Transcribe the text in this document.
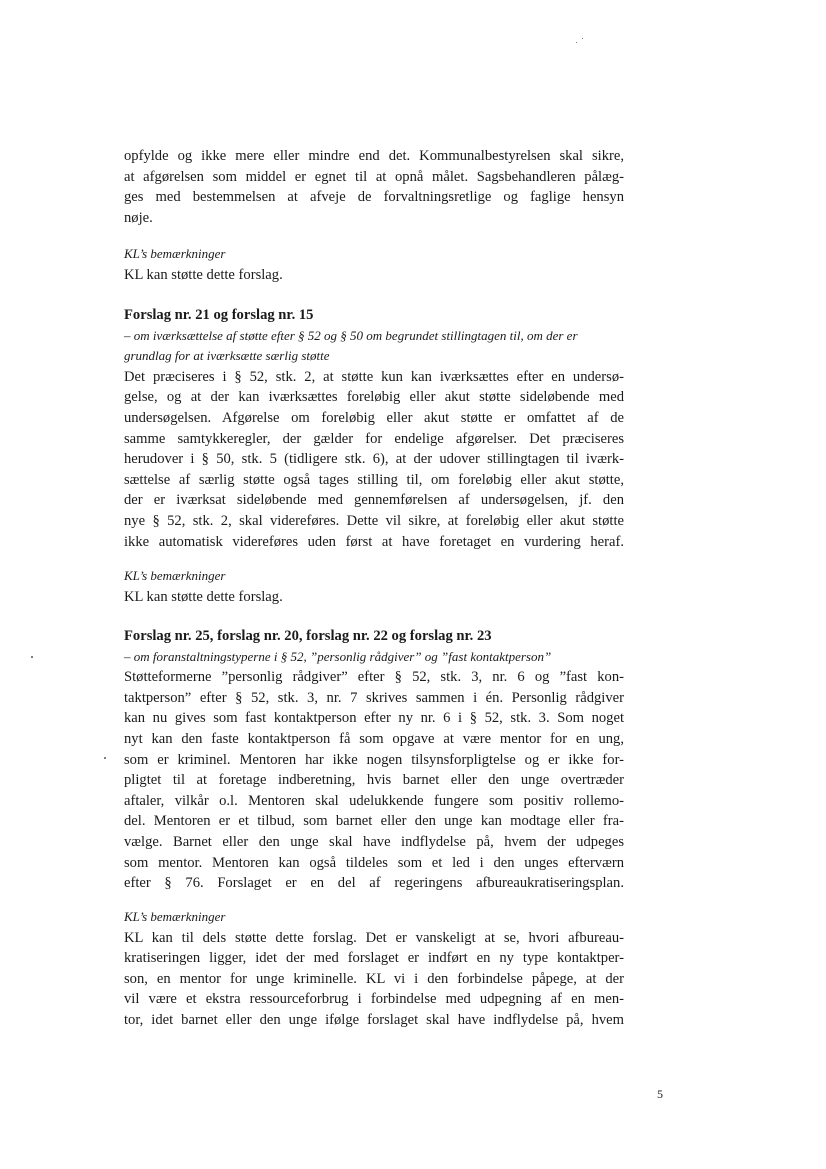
opfylde og ikke mere eller mindre end det. Kommunalbestyrelsen skal sikre,
at afgørelsen som middel er egnet til at opnå målet. Sagsbehandleren pålæg-
ges med bestemmelsen at afveje de forvaltningsretlige og faglige hensyn
nøje.
KL’s bemærkninger
KL kan støtte dette forslag.
Forslag nr. 21 og forslag nr. 15
– om iværksættelse af støtte efter § 52 og § 50 om begrundet stillingtagen til, om der er
grundlag for at iværksætte særlig støtte
Det præciseres i § 52, stk. 2, at støtte kun kan iværksættes efter en undersø-
gelse, og at der kan iværksættes foreløbig eller akut støtte sideløbende med
undersøgelsen. Afgørelse om foreløbig eller akut støtte er omfattet af de
samme samtykkeregler, der gælder for endelige afgørelser. Det præciseres
herudover i § 50, stk. 5 (tidligere stk. 6), at der udover stillingtagen til iværk-
sættelse af særlig støtte også tages stilling til, om foreløbig eller akut støtte,
der er iværksat sideløbende med gennemførelsen af undersøgelsen, jf. den
nye § 52, stk. 2, skal videreføres. Dette vil sikre, at foreløbig eller akut støtte
ikke automatisk videreføres uden først at have foretaget en vurdering heraf.
KL’s bemærkninger
KL kan støtte dette forslag.
Forslag nr. 25, forslag nr. 20, forslag nr. 22 og forslag nr. 23
– om foranstaltningstyperne i § 52, ”personlig rådgiver” og ”fast kontaktperson”
Støtteformerne ”personlig rådgiver” efter § 52, stk. 3, nr. 6 og ”fast kon-
taktperson” efter § 52, stk. 3, nr. 7 skrives sammen i én. Personlig rådgiver
kan nu gives som fast kontaktperson efter ny nr. 6 i § 52, stk. 3. Som noget
nyt kan den faste kontaktperson få som opgave at være mentor for en ung,
som er kriminel. Mentoren har ikke nogen tilsynsforpligtelse og er ikke for-
pligtet til at foretage indberetning, hvis barnet eller den unge overtræder
aftaler, vilkår o.l. Mentoren skal udelukkende fungere som positiv rollemo-
del. Mentoren er et tilbud, som barnet eller den unge kan modtage eller fra-
vælge. Barnet eller den unge skal have indflydelse på, hvem der udpeges
som mentor. Mentoren kan også tildeles som et led i den unges efterværn
efter § 76. Forslaget er en del af regeringens afbureaukratiseringsplan.
KL’s bemærkninger
KL kan til dels støtte dette forslag. Det er vanskeligt at se, hvori afbureau-
kratiseringen ligger, idet der med forslaget er indført en ny type kontaktper-
son, en mentor for unge kriminelle. KL vi i den forbindelse påpege, at der
vil være et ekstra ressourceforbrug i forbindelse med udpegning af en men-
tor, idet barnet eller den unge ifølge forslaget skal have indflydelse på, hvem
5
